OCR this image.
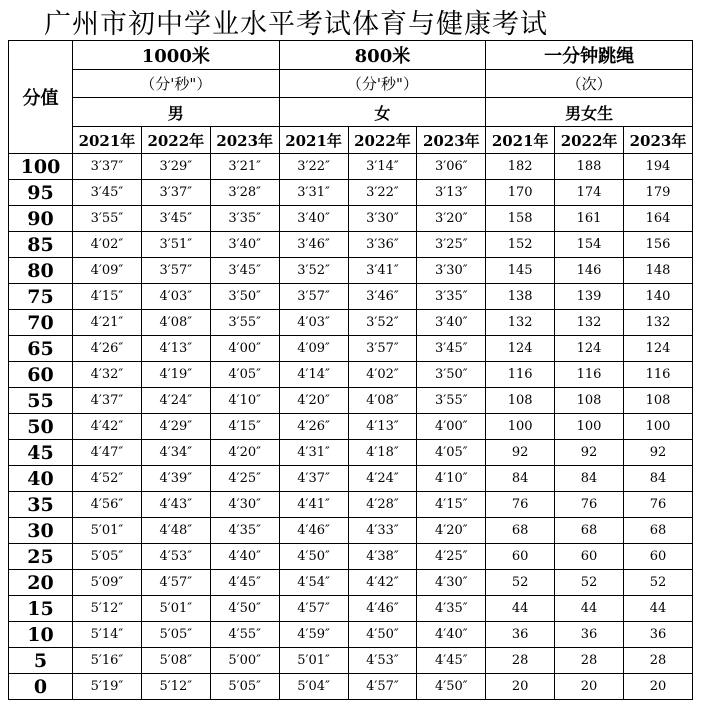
广州市初中学业水平考试体育与健康考试
分值	1000米			800米			一分钟跳绳		
	（分'秒"）			（分'秒"）			（次）		
	男			女			男女生		
	2021年	2022年	2023年	2021年	2022年	2023年	2021年	2022年	2023年
100	3′37″	3′29″	3′21″	3′22″	3′14″	3′06″	182	188	194
95	3′45″	3′37″	3′28″	3′31″	3′22″	3′13″	170	174	179
90	3′55″	3′45″	3′35″	3′40″	3′30″	3′20″	158	161	164
85	4′02″	3′51″	3′40″	3′46″	3′36″	3′25″	152	154	156
80	4′09″	3′57″	3′45″	3′52″	3′41″	3′30″	145	146	148
75	4′15″	4′03″	3′50″	3′57″	3′46″	3′35″	138	139	140
70	4′21″	4′08″	3′55″	4′03″	3′52″	3′40″	132	132	132
65	4′26″	4′13″	4′00″	4′09″	3′57″	3′45″	124	124	124
60	4′32″	4′19″	4′05″	4′14″	4′02″	3′50″	116	116	116
55	4′37″	4′24″	4′10″	4′20″	4′08″	3′55″	108	108	108
50	4′42″	4′29″	4′15″	4′26″	4′13″	4′00″	100	100	100
45	4′47″	4′34″	4′20″	4′31″	4′18″	4′05″	92	92	92
40	4′52″	4′39″	4′25″	4′37″	4′24″	4′10″	84	84	84
35	4′56″	4′43″	4′30″	4′41″	4′28″	4′15″	76	76	76
30	5′01″	4′48″	4′35″	4′46″	4′33″	4′20″	68	68	68
25	5′05″	4′53″	4′40″	4′50″	4′38″	4′25″	60	60	60
20	5′09″	4′57″	4′45″	4′54″	4′42″	4′30″	52	52	52
15	5′12″	5′01″	4′50″	4′57″	4′46″	4′35″	44	44	44
10	5′14″	5′05″	4′55″	4′59″	4′50″	4′40″	36	36	36
5	5′16″	5′08″	5′00″	5′01″	4′53″	4′45″	28	28	28
0	5′19″	5′12″	5′05″	5′04″	4′57″	4′50″	20	20	20
